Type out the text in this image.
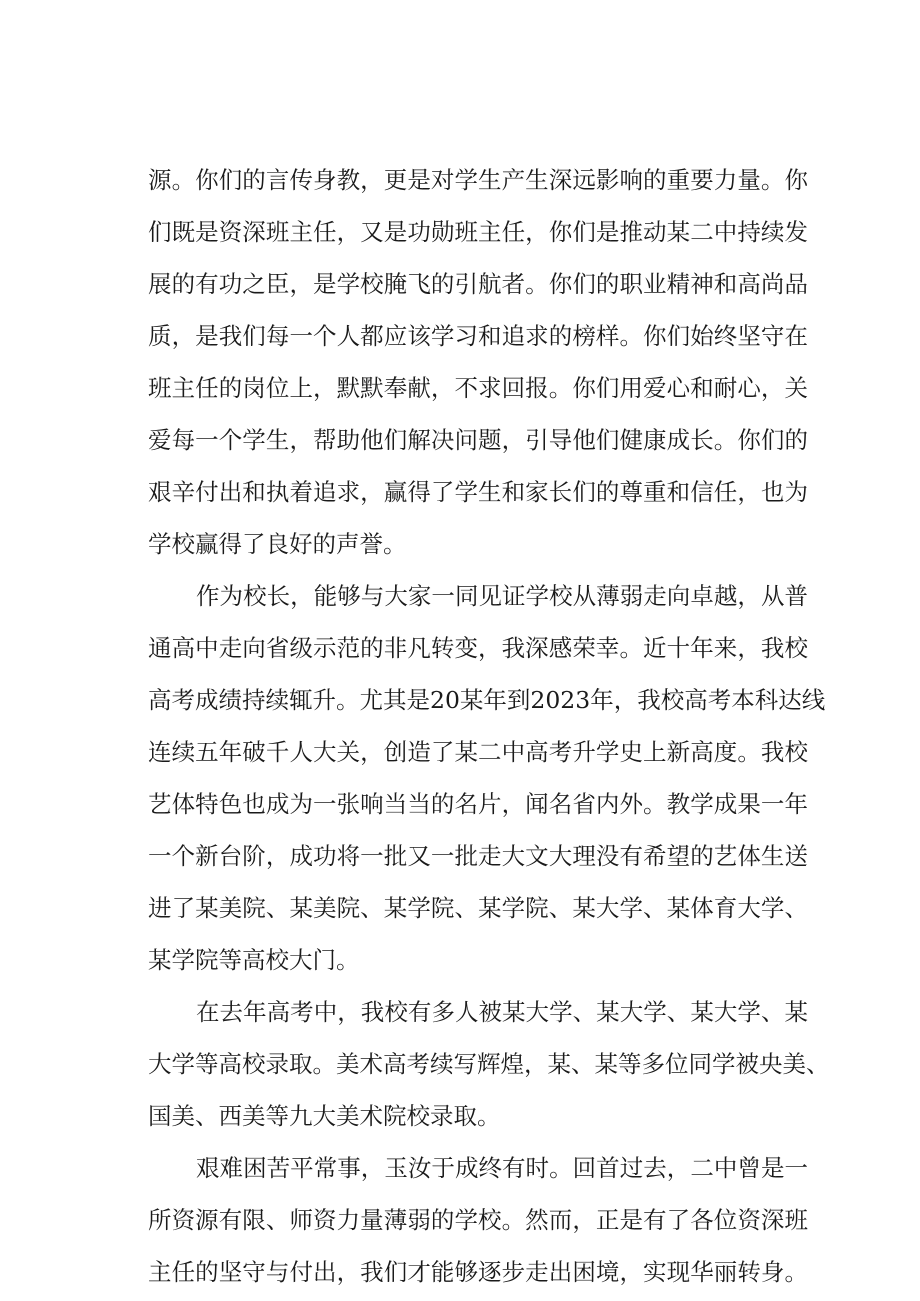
源。你们的言传身教，更是对学生产生深远影响的重要力量。你
们既是资深班主任，又是功勋班主任，你们是推动某二中持续发
展的有功之臣，是学校腌飞的引航者。你们的职业精神和高尚品
质，是我们每一个人都应该学习和追求的榜样。你们始终坚守在
班主任的岗位上，默默奉献，不求回报。你们用爱心和耐心，关
爱每一个学生，帮助他们解决问题，引导他们健康成长。你们的
艰辛付出和执着追求，赢得了学生和家长们的尊重和信任，也为
学校赢得了良好的声誉。
作为校长，能够与大家一同见证学校从薄弱走向卓越，从普
通高中走向省级示范的非凡转变，我深感荣幸。近十年来，我校
高考成绩持续辄升。尤其是20某年到2023年，我校高考本科达线
连续五年破千人大关，创造了某二中高考升学史上新高度。我校
艺体特色也成为一张响当当的名片，闻名省内外。教学成果一年
一个新台阶，成功将一批又一批走大文大理没有希望的艺体生送
进了某美院、某美院、某学院、某学院、某大学、某体育大学、
某学院等高校大门。
在去年高考中，我校有多人被某大学、某大学、某大学、某
大学等高校录取。美术高考续写辉煌，某、某等多位同学被央美、
国美、西美等九大美术院校录取。
艰难困苦平常事，玉汝于成终有时。回首过去，二中曾是一
所资源有限、师资力量薄弱的学校。然而，正是有了各位资深班
主任的坚守与付出，我们才能够逐步走出困境，实现华丽转身。
